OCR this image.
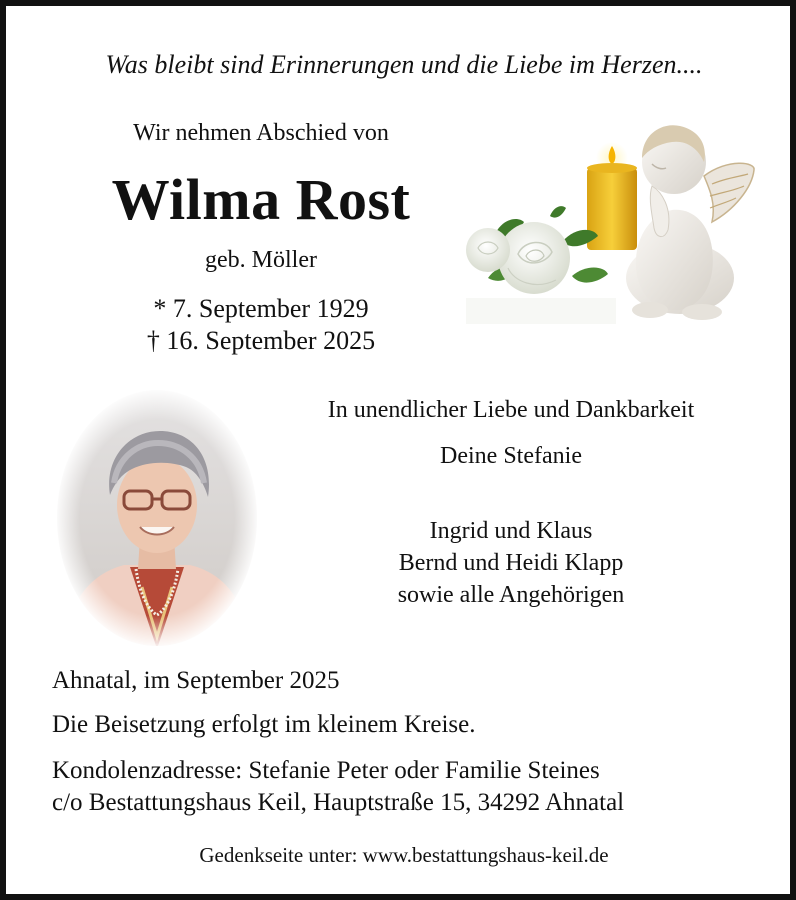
Was bleibt sind Erinnerungen und die Liebe im Herzen....
Wir nehmen Abschied von
Wilma Rost
geb. Möller
* 7. September 1929
† 16. September 2025
In unendlicher Liebe und Dankbarkeit
Deine Stefanie
Ingrid und Klaus
Bernd und Heidi Klapp
sowie alle Angehörigen
Ahnatal, im September 2025
Die Beisetzung erfolgt im kleinem Kreise.
Kondolenzadresse: Stefanie Peter oder Familie Steines
c/o Bestattungshaus Keil, Hauptstraße 15, 34292 Ahnatal
Gedenkseite unter: www.bestattungshaus-keil.de
